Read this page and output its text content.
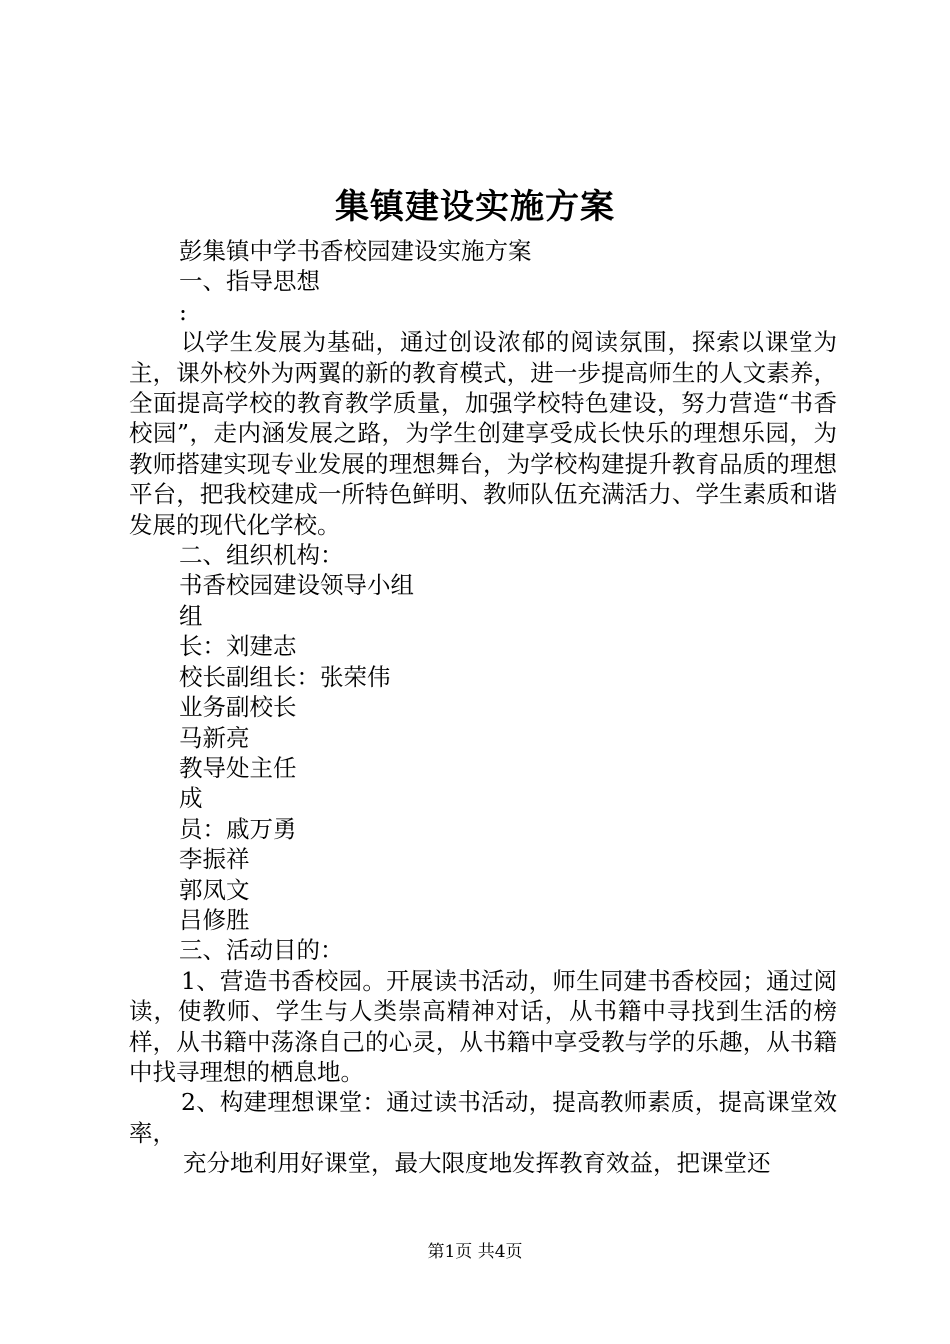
集镇建设实施方案
彭集镇中学书香校园建设实施方案
一、指导思想
:
以学生发展为基础，通过创设浓郁的阅读氛围，探索以课堂为主，课外校外为两翼的新的教育模式，进一步提高师生的人文素养，全面提高学校的教育教学质量，加强学校特色建设，努力营造“书香校园”，走内涵发展之路，为学生创建享受成长快乐的理想乐园，为教师搭建实现专业发展的理想舞台，为学校构建提升教育品质的理想平台，把我校建成一所特色鲜明、教师队伍充满活力、学生素质和谐发展的现代化学校。
二、组织机构：
书香校园建设领导小组
组
长：刘建志
校长副组长：张荣伟
业务副校长
马新亮
教导处主任
成
员：戚万勇
李振祥
郭凤文
吕修胜
三、活动目的：
1、营造书香校园。开展读书活动，师生同建书香校园；通过阅读，使教师、学生与人类崇高精神对话，从书籍中寻找到生活的榜样，从书籍中荡涤自己的心灵，从书籍中享受教与学的乐趣，从书籍中找寻理想的栖息地。
2、构建理想课堂：通过读书活动，提高教师素质，提高课堂效率，
充分地利用好课堂，最大限度地发挥教育效益，把课堂还
第1页 共4页
